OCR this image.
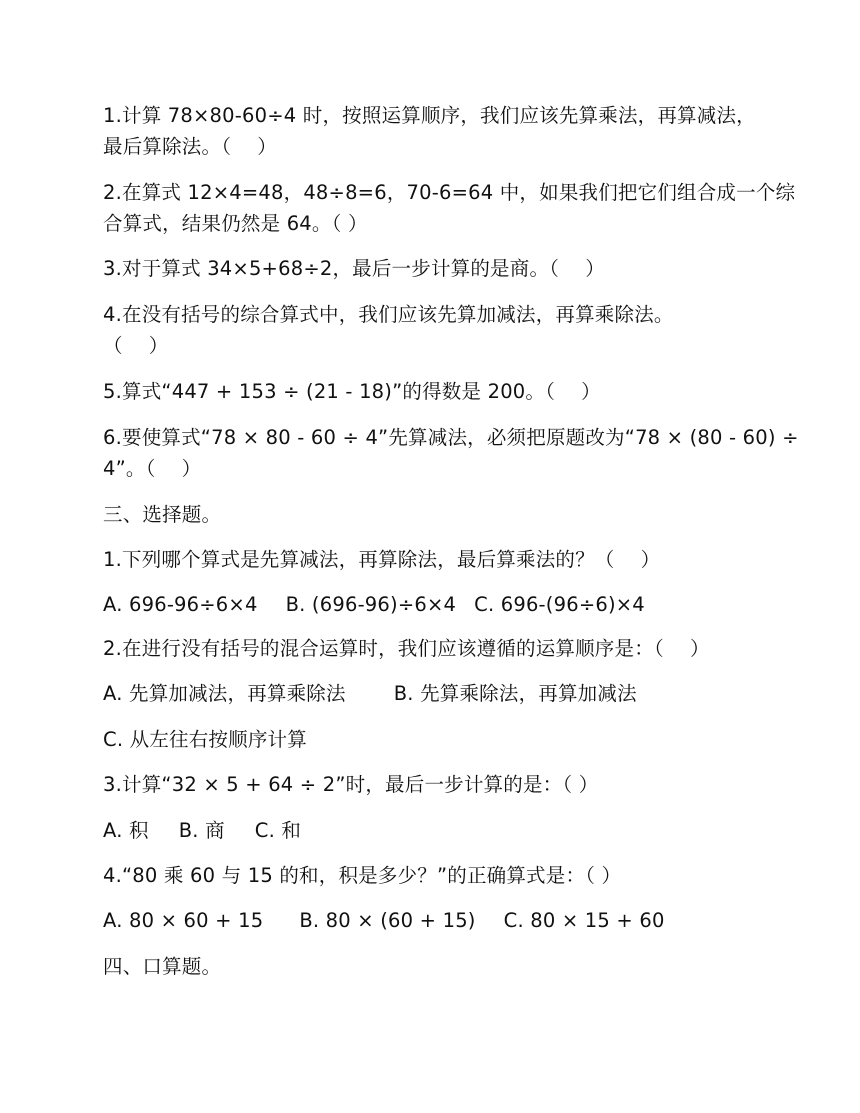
1.计算 78×80-60÷4 时，按照运算顺序，我们应该先算乘法，再算减法，
最后算除法。（　 ）
2.在算式 12×4=48，48÷8=6，70-6=64 中，如果我们把它们组合成一个综
合算式，结果仍然是 64。（ ）
3.对于算式 34×5+68÷2，最后一步计算的是商。（　 ）
4.在没有括号的综合算式中，我们应该先算加减法，再算乘除法。
（　 ）
5.算式“447 + 153 ÷ (21 - 18)”的得数是 200。（　 ）
6.要使算式“78 × 80 - 60 ÷ 4”先算减法，必须把原题改为“78 × (80 - 60) ÷
4”。（　 ）
三、选择题。
1.下列哪个算式是先算减法，再算除法，最后算乘法的？（　 ）
A. 696-96÷6×4 B. (696-96)÷6×4 C. 696-(96÷6)×4
2.在进行没有括号的混合运算时，我们应该遵循的运算顺序是：（　 ）
A. 先算加减法，再算乘除法 B. 先算乘除法，再算加减法
C. 从左往右按顺序计算
3.计算“32 × 5 + 64 ÷ 2”时，最后一步计算的是：（ ）
A. 积 B. 商 C. 和
4.“80 乘 60 与 15 的和，积是多少？”的正确算式是：（ ）
A. 80 × 60 + 15 B. 80 × (60 + 15) C. 80 × 15 + 60
四、口算题。
